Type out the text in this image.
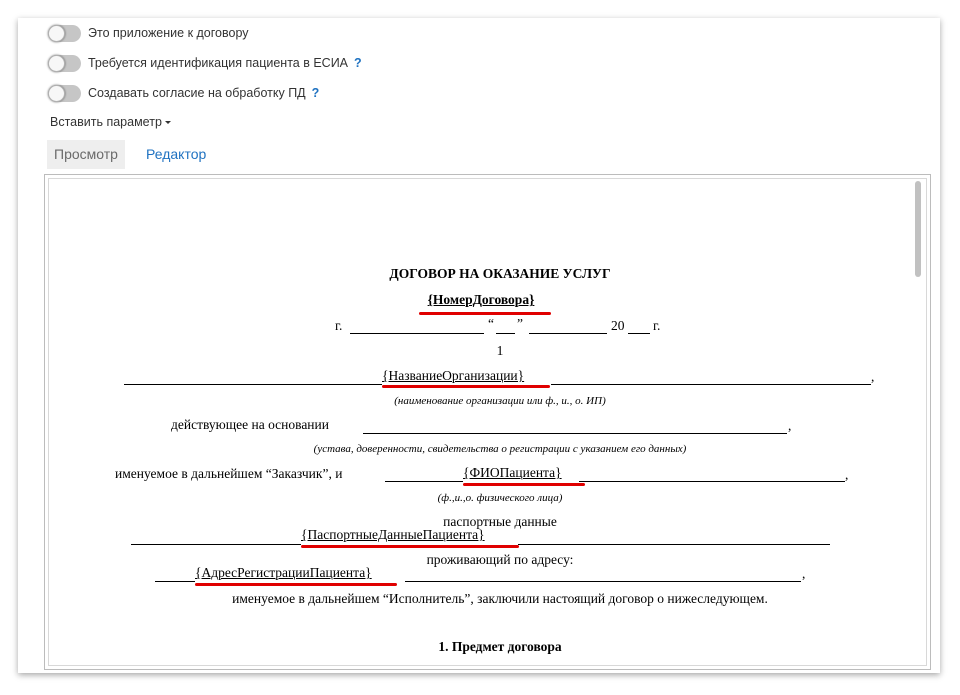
Это приложение к договору
Требуется идентификация пациента в ЕСИА ?
Создавать согласие на обработку ПД ?
Вставить параметр
Просмотр	Редактор
ДОГОВОР НА ОКАЗАНИЕ УСЛУГ
{НомерДоговора}
г.	“ ”	20 г.
1
{НазваниеОрганизации}	,
(наименование организации или ф., и., о. ИП)
действующее на основании	,
(устава, доверенности, свидетельства о регистрации с указанием его данных)
именуемое в дальнейшем “Заказчик”, и	{ФИОПациента}	,
(ф.,и.,о. физического лица)
паспортные данные
{ПаспортныеДанныеПациента}
проживающий по адресу:
{АдресРегистрацииПациента}	,
именуемое в дальнейшем “Исполнитель”, заключили настоящий договор о нижеследующем.
1. Предмет договора
